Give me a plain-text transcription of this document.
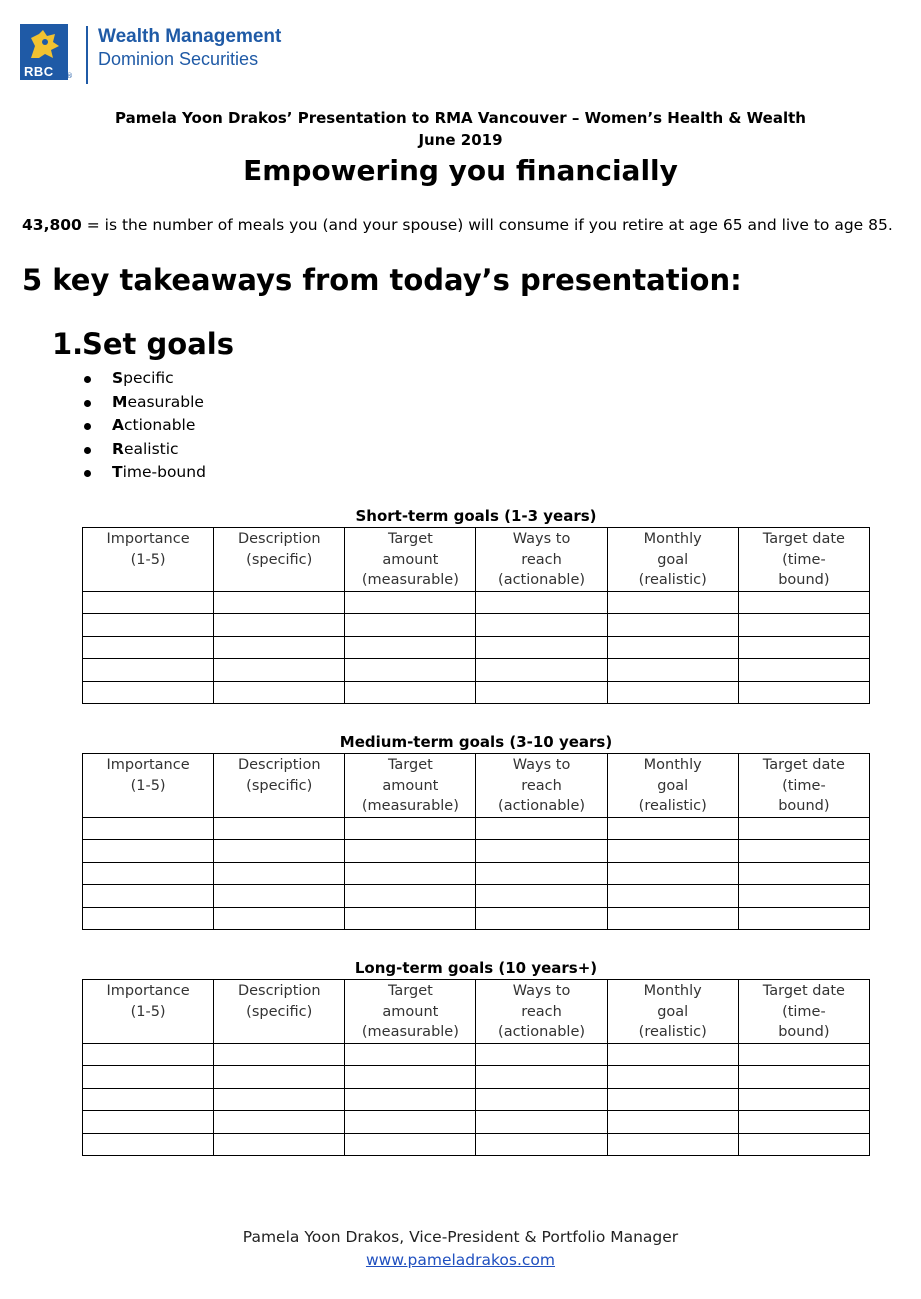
RBC ®
Wealth Management
Dominion Securities
Pamela Yoon Drakos’ Presentation to RMA Vancouver – Women’s Health & Wealth
June 2019
Empowering you financially
43,800 = is the number of meals you (and your spouse) will consume if you retire at age 65 and live to age 85.
5 key takeaways from today’s presentation:
1.Set goals
Specific
Measurable
Actionable
Realistic
Time-bound
Short-term goals (1-3 years)
Importance
(1-5)	Description
(specific)	Target
amount
(measurable)	Ways to
reach
(actionable)	Monthly
goal
(realistic)	Target date
(time-
bound)

Medium-term goals (3-10 years)
Importance
(1-5)	Description
(specific)	Target
amount
(measurable)	Ways to
reach
(actionable)	Monthly
goal
(realistic)	Target date
(time-
bound)

Long-term goals (10 years+)
Importance
(1-5)	Description
(specific)	Target
amount
(measurable)	Ways to
reach
(actionable)	Monthly
goal
(realistic)	Target date
(time-
bound)

Pamela Yoon Drakos, Vice-President & Portfolio Manager
www.pameladrakos.com
